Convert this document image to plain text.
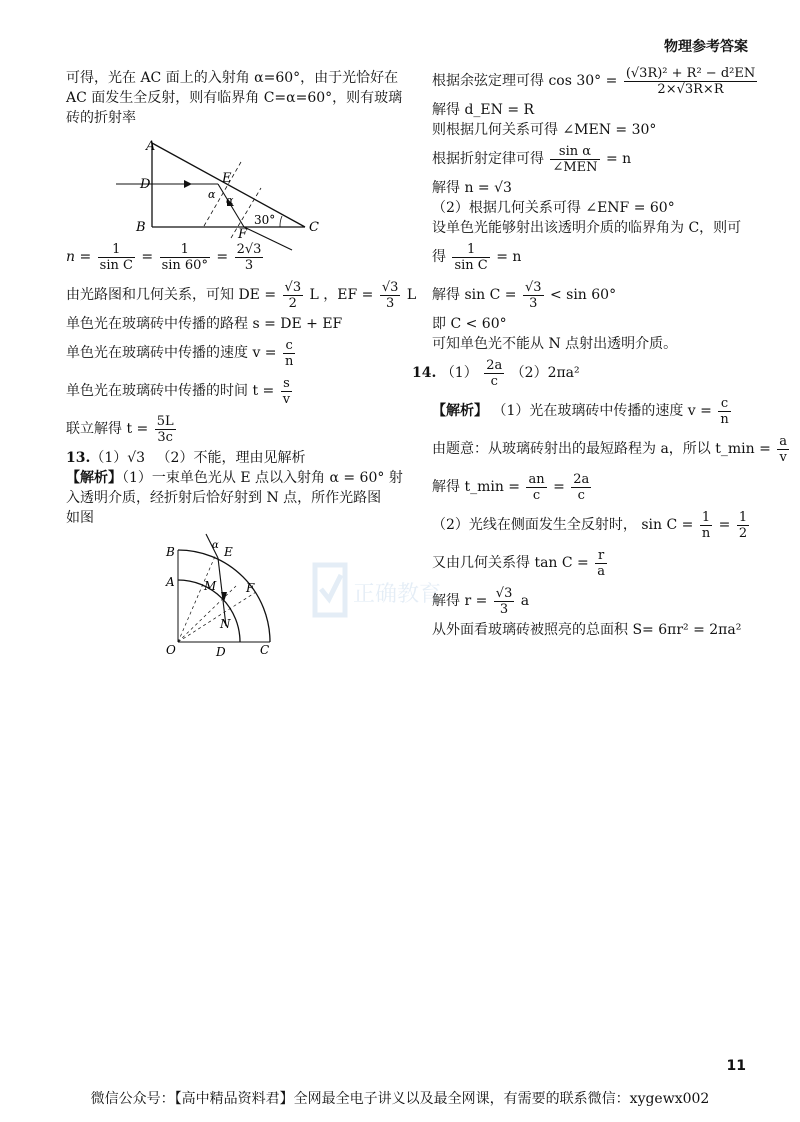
物理参考答案
正确教育
可得，光在 AC 面上的入射角 α=60°，由于光恰好在
AC 面发生全反射，则有临界角 C=α=60°，则有玻璃
砖的折射率
A
D	E
α α
B	F	C
30°
$n = \frac{1}{\text{sin C}} = \frac{1}{\sin 60^\circ} = \frac{2√3}{3}$
由光路图和几何关系，可知 DE = $\frac{√3}{2}$ L ，EF = $\frac{√3}{3}$ L
单色光在玻璃砖中传播的路程 s = DE + EF
单色光在玻璃砖中传播的速度 $v = \frac{c}{n}$
单色光在玻璃砖中传播的时间 $t = \frac{s}{v}$
联立解得 $t = \frac{5L}{3c}$
13.（1）√3 　（2）不能，理由见解析
【解析】（1）一束单色光从 E 点以入射角 α = 60° 射
入透明介质，经折射后恰好射到 N 点，所作光路图
如图
B	E
α
A M F
N
O	D	C
根据余弦定理可得 $\cos 30^\circ = \frac{\text{(√3R)² + R² − d²EN}}{2\times√3R\times R}$
解得 d_EN = R
则根据几何关系可得 ∠MEN = 30°
根据折射定律可得 $\frac{\text{sin α}}{\text{∠MEN}} = n$
解得 n = √3
（2）根据几何关系可得 ∠ENF = 60°
设单色光能够射出该透明介质的临界角为 C，则可
得 $\frac{1}{\text{sin C}} = n$
解得 $\sin C = \frac{√3}{3} < \sin 60^\circ$
即 C < 60°
可知单色光不能从 N 点射出透明介质。
14. $(1) \frac{2a}{c} (2)2\pi a^2$
【解析】 （1）光在玻璃砖中传播的速度 $v = \frac{c}{n}$
由题意：从玻璃砖射出的最短路程为 a，所以 t_min = $\frac{a}{v}$
解得 t_min = $\frac{an}{c} = \frac{2a}{c}$
（2）光线在侧面发生全反射时， $\sin C = \frac{1}{n} = \frac{1}{2}$
又由几何关系得 $\tan C = \frac{r}{a}$
解得 $r = \frac{√3}{3}$ a
从外面看玻璃砖被照亮的总面积 S= 6πr² = 2πa²
11
微信公众号：【高中精品资料君】全网最全电子讲义以及最全网课，有需要的联系微信：xygewx002
